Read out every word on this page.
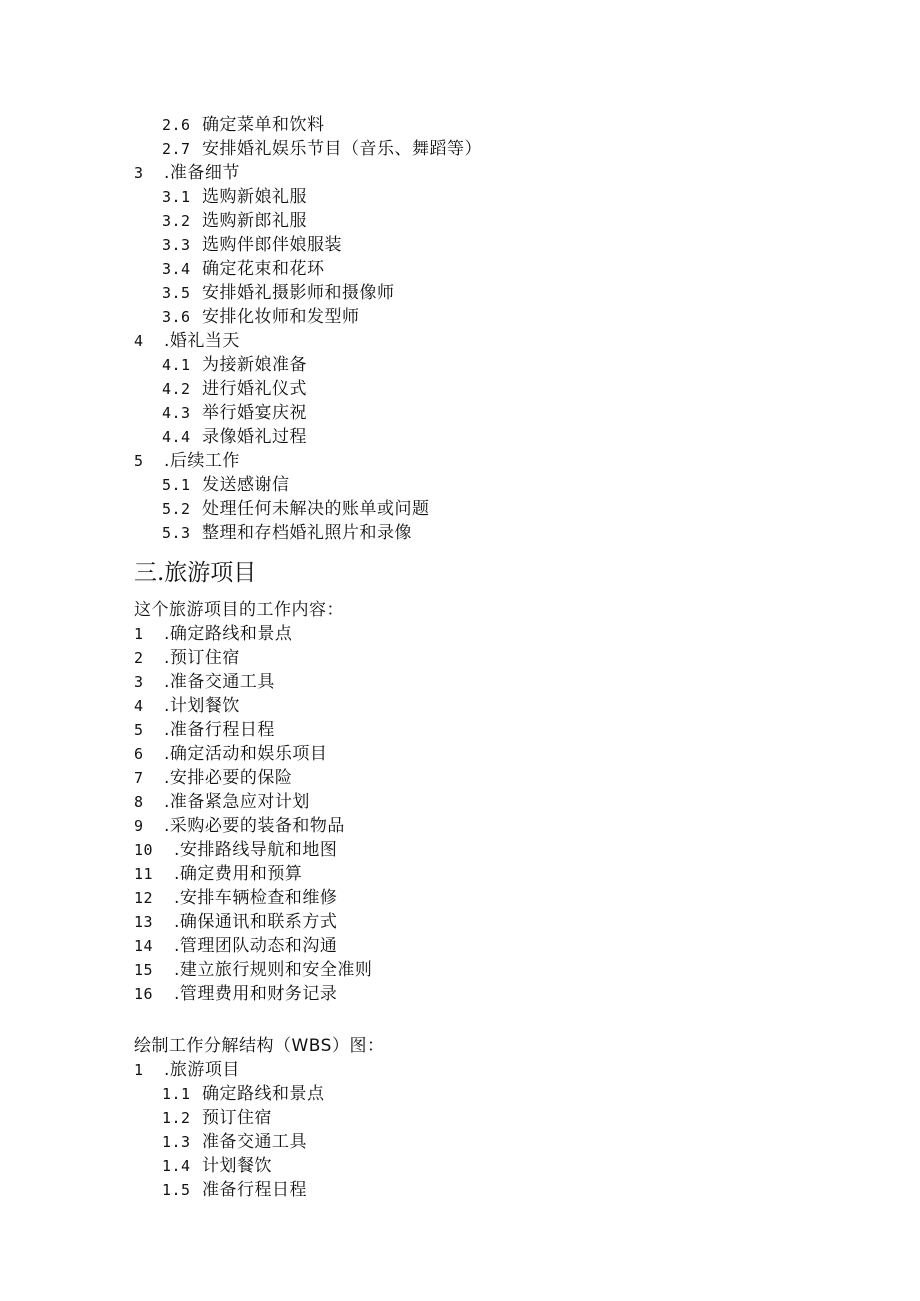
2.6 确定菜单和饮料
2.7 安排婚礼娱乐节目（音乐、舞蹈等）
3 .准备细节
3.1 选购新娘礼服
3.2 选购新郎礼服
3.3 选购伴郎伴娘服装
3.4 确定花束和花环
3.5 安排婚礼摄影师和摄像师
3.6 安排化妆师和发型师
4 .婚礼当天
4.1 为接新娘准备
4.2 进行婚礼仪式
4.3 举行婚宴庆祝
4.4 录像婚礼过程
5 .后续工作
5.1 发送感谢信
5.2 处理任何未解决的账单或问题
5.3 整理和存档婚礼照片和录像
三.旅游项目
这个旅游项目的工作内容：
1 .确定路线和景点
2 .预订住宿
3 .准备交通工具
4 .计划餐饮
5 .准备行程日程
6 .确定活动和娱乐项目
7 .安排必要的保险
8 .准备紧急应对计划
9 .采购必要的装备和物品
10 .安排路线导航和地图
11 .确定费用和预算
12 .安排车辆检查和维修
13 .确保通讯和联系方式
14 .管理团队动态和沟通
15 .建立旅行规则和安全准则
16 .管理费用和财务记录
绘制工作分解结构（WBS）图：
1 .旅游项目
1.1 确定路线和景点
1.2 预订住宿
1.3 准备交通工具
1.4 计划餐饮
1.5 准备行程日程
